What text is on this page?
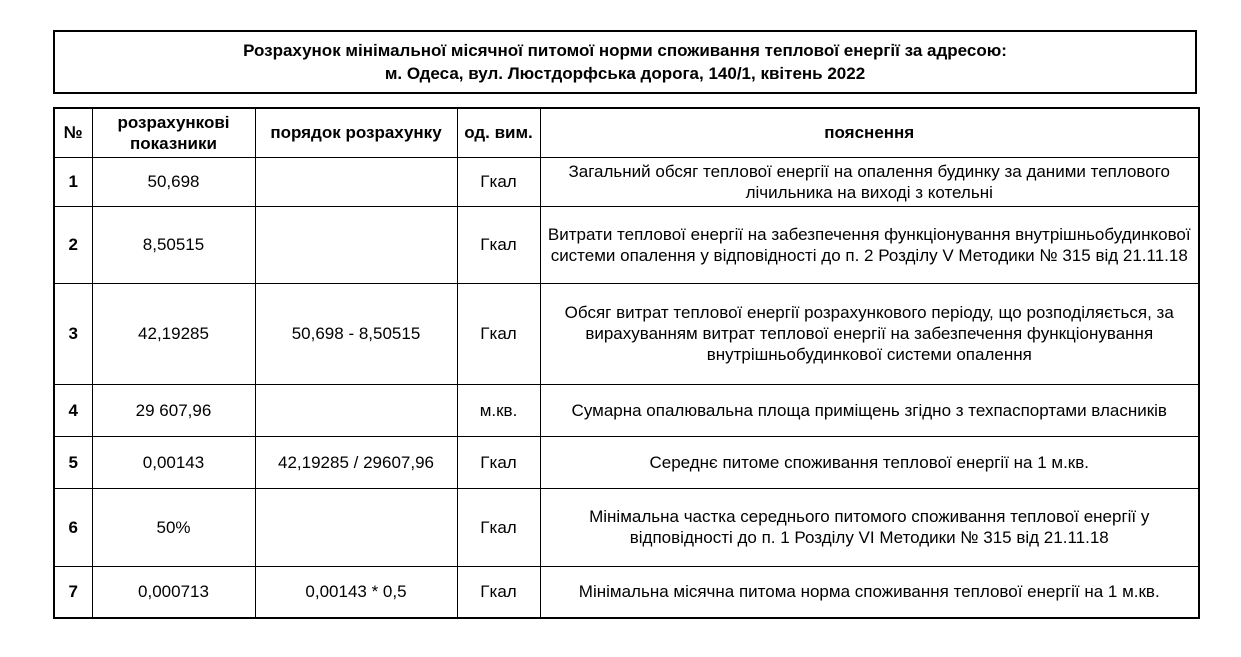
Розрахунок мінімальної місячної питомої норми споживання теплової енергії за адресою:
м. Одеса, вул. Люстдорфська дорога, 140/1, квітень 2022
№	розрахункові показники	порядок розрахунку	од. вим.	пояснення
1	50,698		Гкал	Загальний обсяг теплової енергії на опалення будинку за даними теплового лічильника на виході з котельні
2	8,50515		Гкал	Витрати теплової енергії на забезпечення функціонування внутрішньобудинкової системи опалення у відповідності до п. 2 Розділу V Методики № 315 від 21.11.18
3	42,19285	50,698 - 8,50515	Гкал	Обсяг витрат теплової енергії розрахункового періоду, що розподіляється, за вирахуванням витрат теплової енергії на забезпечення функціонування внутрішньобудинкової системи опалення
4	29 607,96		м.кв.	Сумарна опалювальна площа приміщень згідно з техпаспортами власників
5	0,00143	42,19285 / 29607,96	Гкал	Середнє питоме споживання теплової енергії на 1 м.кв.
6	50%		Гкал	Мінімальна частка середнього питомого споживання теплової енергії у відповідності до п. 1 Розділу VI Методики № 315 від 21.11.18
7	0,000713	0,00143 * 0,5	Гкал	Мінімальна місячна питома норма споживання теплової енергії на 1 м.кв.
